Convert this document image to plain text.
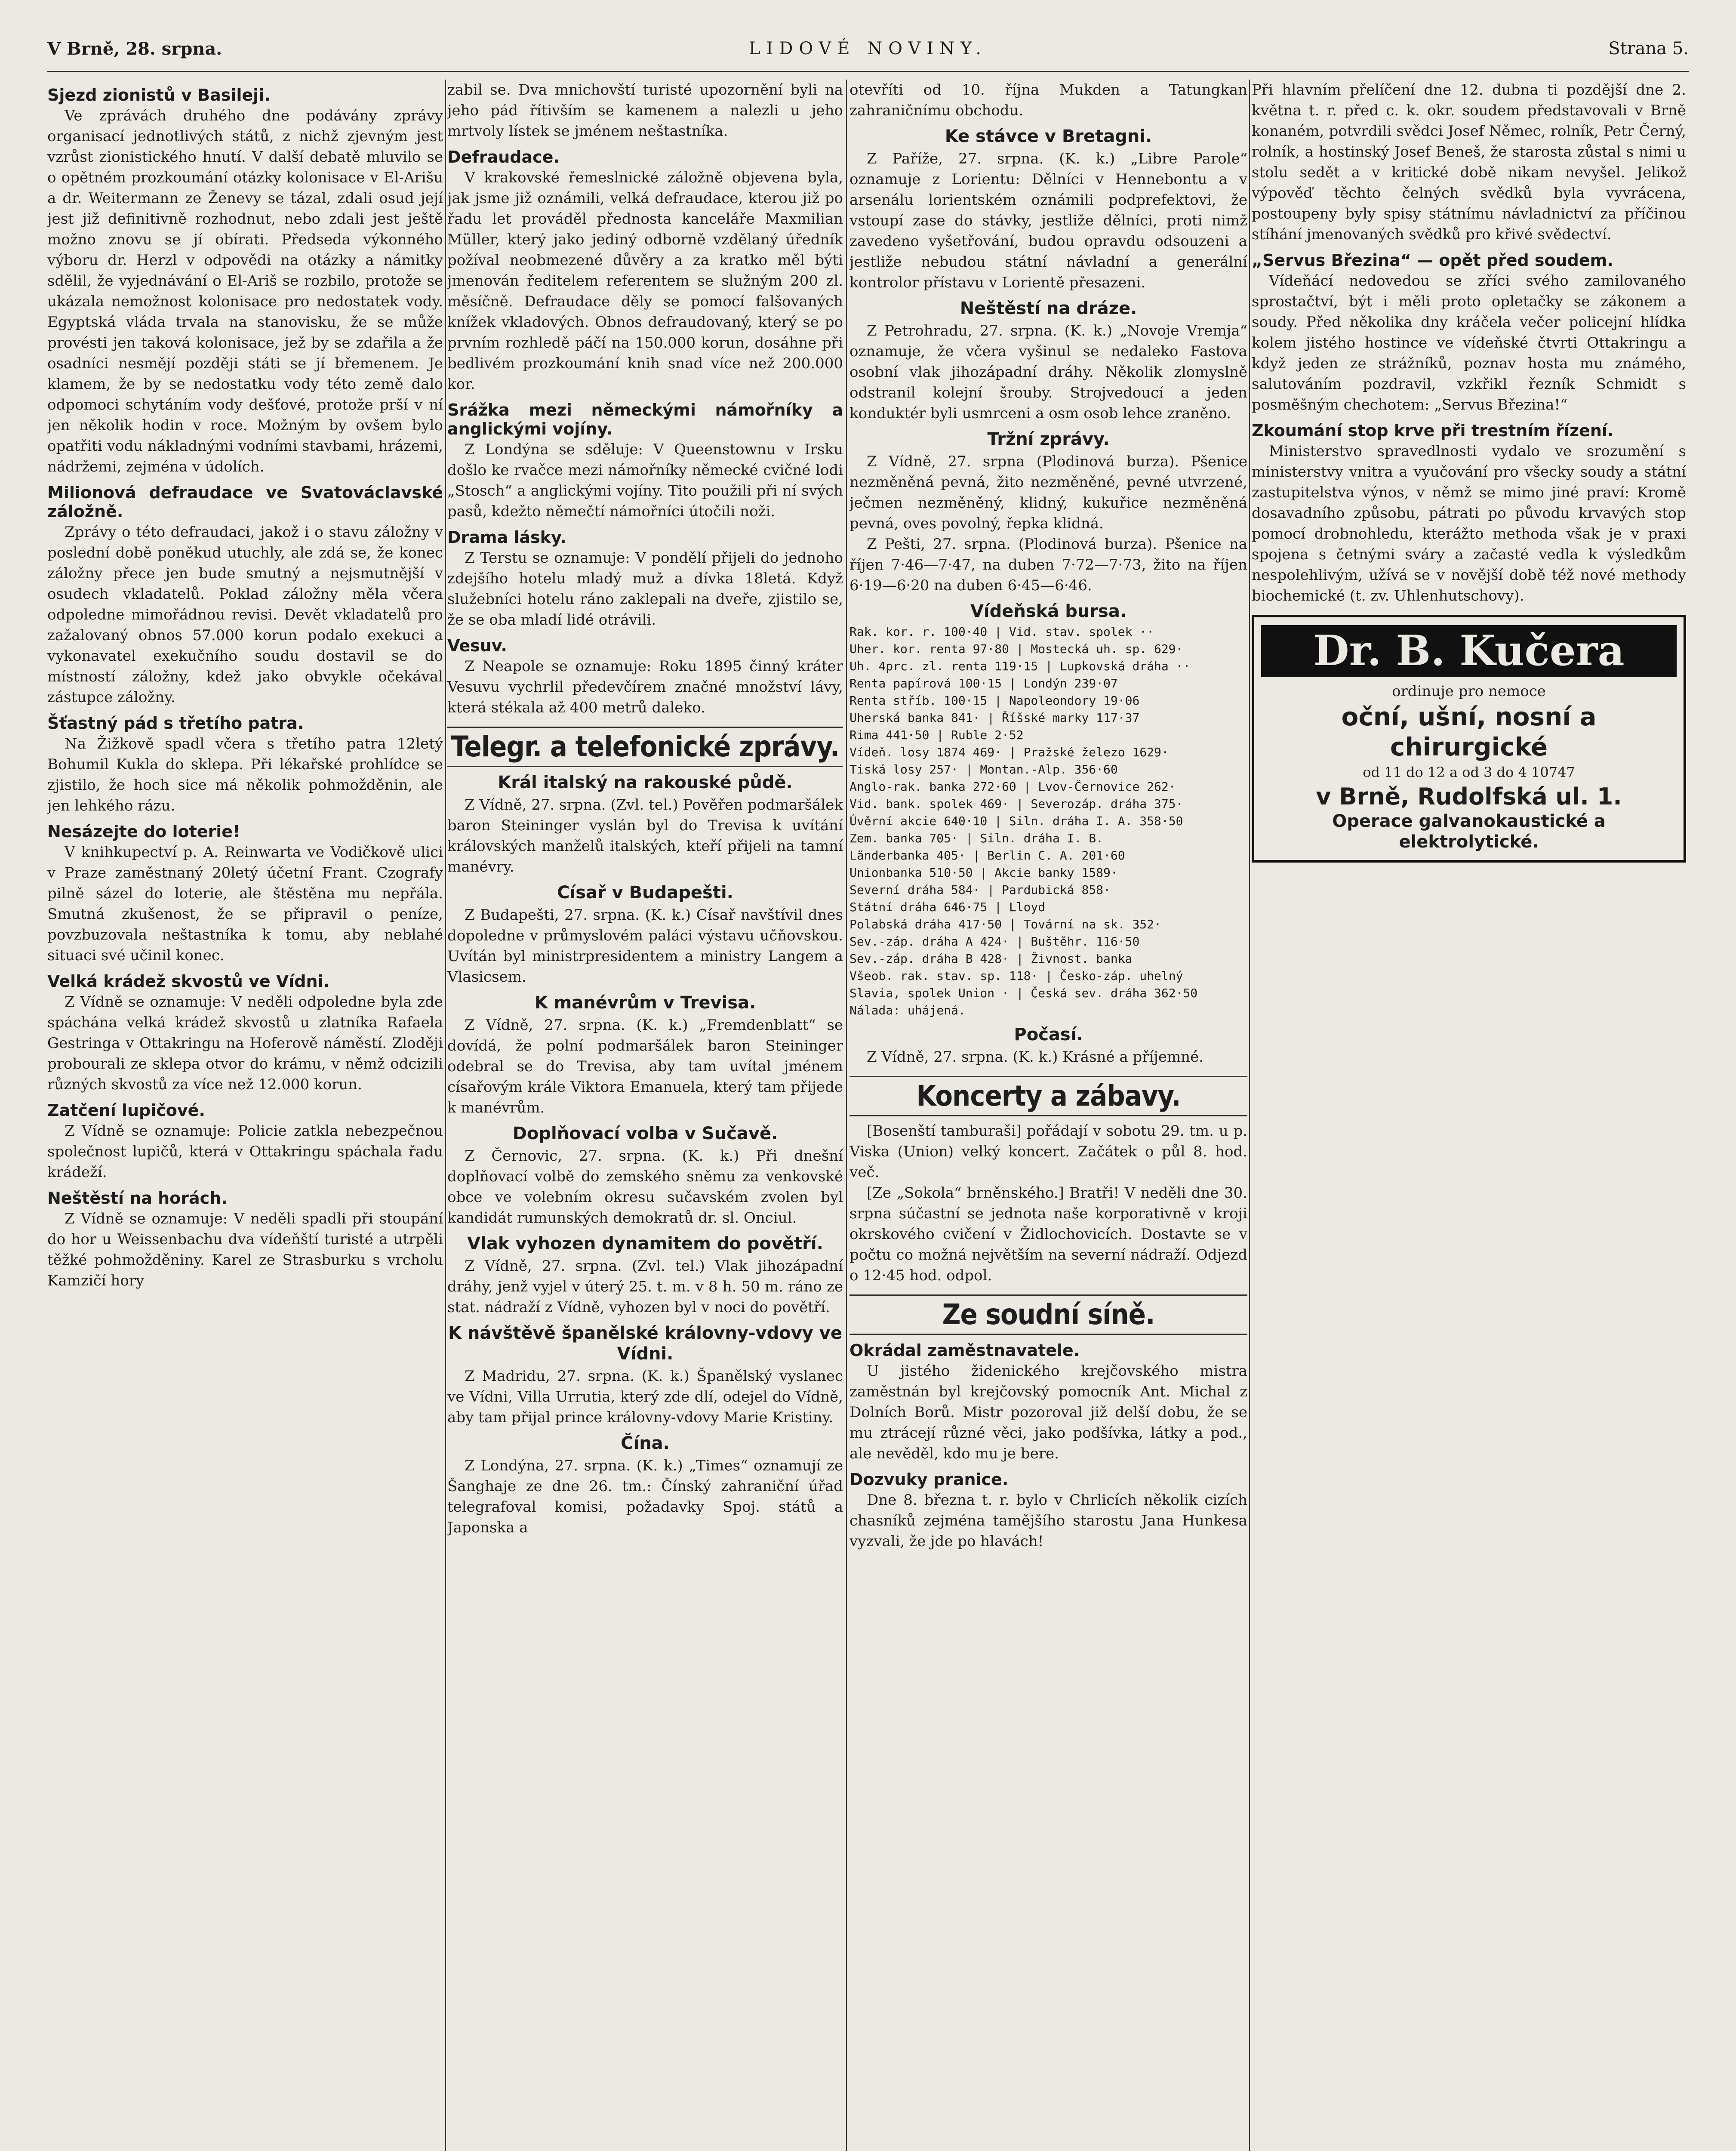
V Brně, 28. srpna.	LIDOVÉ NOVINY.	Strana 5.
Sjezd zionistů v Basileji.

Ve zprávách druhého dne podávány zprávy organisací jednotlivých států, z nichž zjevným jest vzrůst zionistického hnutí. V další debatě mluvilo se o opětném prozkoumání otázky kolonisace v El-Arišu a dr. Weitermann ze Ženevy se tázal, zdali osud její jest již definitivně rozhodnut, nebo zdali jest ještě možno znovu se jí obírati. Předseda výkonného výboru dr. Herzl v odpovědi na otázky a námitky sdělil, že vyjednávání o El-Ariš se rozbilo, protože se ukázala nemožnost kolonisace pro nedostatek vody. Egyptská vláda trvala na stanovisku, že se může provésti jen taková kolonisace, jež by se zdařila a že osadníci nesmějí později státi se jí břemenem. Je klamem, že by se nedostatku vody této země dalo odpomoci schytáním vody dešťové, protože prší v ní jen několik hodin v roce. Možným by ovšem bylo opatřiti vodu nákladnými vodními stavbami, hrázemi, nádržemi, zejména v údolích.

Milionová defraudace ve Svatováclavské záložně.

Zprávy o této defraudaci, jakož i o stavu záložny v poslední době poněkud utuchly, ale zdá se, že konec záložny přece jen bude smutný a nejsmutnější v osudech vkladatelů. Poklad záložny měla včera odpoledne mimořádnou revisi. Devět vkladatelů pro zažalovaný obnos 57.000 korun podalo exekuci a vykonavatel exekučního soudu dostavil se do místností záložny, kdež jako obvykle očekával zástupce záložny.

Šťastný pád s třetího patra.

Na Žižkově spadl včera s třetího patra 12letý Bohumil Kukla do sklepa. Při lékařské prohlídce se zjistilo, že hoch sice má několik pohmožděnin, ale jen lehkého rázu.

Nesázejte do loterie!

V knihkupectví p. A. Reinwarta ve Vodičkově ulici v Praze zaměstnaný 20letý účetní Frant. Czografy pilně sázel do loterie, ale štěstěna mu nepřála. Smutná zkušenost, že se připravil o peníze, povzbuzovala neštastníka k tomu, aby neblahé situaci své učinil konec.

Velká krádež skvostů ve Vídni.

Z Vídně se oznamuje: V neděli odpoledne byla zde spáchána velká krádež skvostů u zlatníka Rafaela Gestringa v Ottakringu na Hoferově náměstí. Zloději probourali ze sklepa otvor do krámu, v němž odcizili různých skvostů za více než 12.000 korun.

Zatčení lupičové.

Z Vídně se oznamuje: Policie zatkla nebezpečnou společnost lupičů, která v Ottakringu spáchala řadu krádeží.

Neštěstí na horách.

Z Vídně se oznamuje: V neděli spadli při stoupání do hor u Weissenbachu dva vídeňští turisté a utrpěli těžké pohmožděniny. Karel ze Strasburku s vrcholu Kamzičí hory

zabil se. Dva mnichovští turisté upozornění byli na jeho pád řítivším se kamenem a nalezli u jeho mrtvoly lístek se jménem neštastníka.

Defraudace.

V krakovské řemeslnické záložně objevena byla, jak jsme již oznámili, velká defraudace, kterou již po řadu let prováděl přednosta kanceláře Maxmilian Müller, který jako jediný odborně vzdělaný úředník požíval neobmezené důvěry a za kratko měl býti jmenován ředitelem referentem se služným 200 zl. měsíčně. Defraudace děly se pomocí falšovaných knížek vkladových. Obnos defraudovaný, který se po prvním rozhledě páčí na 150.000 korun, dosáhne při bedlivém prozkoumání knih snad více než 200.000 kor.

Srážka mezi německými námořníky a anglickými vojíny.

Z Londýna se sděluje: V Queenstownu v Irsku došlo ke rvačce mezi námořníky německé cvičné lodi „Stosch“ a anglickými vojíny. Tito použili při ní svých pasů, kdežto němečtí námořníci útočili noži.

Drama lásky.

Z Terstu se oznamuje: V pondělí přijeli do jednoho zdejšího hotelu mladý muž a dívka 18letá. Když služebníci hotelu ráno zaklepali na dveře, zjistilo se, že se oba mladí lidé otrávili.

Vesuv.

Z Neapole se oznamuje: Roku 1895 činný kráter Vesuvu vychrlil předevčírem značné množství lávy, která stékala až 400 metrů daleko.

Telegr. a telefonické zprávy.
Král italský na rakouské půdě.

Z Vídně, 27. srpna. (Zvl. tel.) Pověřen podmaršálek baron Steininger vyslán byl do Trevisa k uvítání královských manželů italských, kteří přijeli na tamní manévry.

Císař v Budapešti.

Z Budapešti, 27. srpna. (K. k.) Císař navštívil dnes dopoledne v průmyslovém paláci výstavu učňovskou. Uvítán byl ministrpresidentem a ministry Langem a Vlasicsem.

K manévrům v Trevisa.

Z Vídně, 27. srpna. (K. k.) „Fremdenblatt“ se dovídá, že polní podmaršálek baron Steininger odebral se do Trevisa, aby tam uvítal jménem císařovým krále Viktora Emanuela, který tam přijede k manévrům.

Doplňovací volba v Sučavě.

Z Černovic, 27. srpna. (K. k.) Při dnešní doplňovací volbě do zemského sněmu za venkovské obce ve volebním okresu sučavském zvolen byl kandidát rumunských demokratů dr. sl. Onciul.

Vlak vyhozen dynamitem do povětří.

Z Vídně, 27. srpna. (Zvl. tel.) Vlak jihozápadní dráhy, jenž vyjel v úterý 25. t. m. v 8 h. 50 m. ráno ze stat. nádraží z Vídně, vyhozen byl v noci do povětří.

K návštěvě španělské královny-vdovy ve Vídni.

Z Madridu, 27. srpna. (K. k.) Španělský vyslanec ve Vídni, Villa Urrutia, který zde dlí, odejel do Vídně, aby tam přijal prince královny-vdovy Marie Kristiny.

Čína.

Z Londýna, 27. srpna. (K. k.) „Times“ oznamují ze Šanghaje ze dne 26. tm.: Čínský zahraniční úřad telegrafoval komisi, požadavky Spoj. států a Japonska a

otevříti od 10. října Mukden a Tatungkan zahraničnímu obchodu.

Ke stávce v Bretagni.

Z Paříže, 27. srpna. (K. k.) „Libre Parole“ oznamuje z Lorientu: Dělníci v Hennebontu a v arsenálu lorientském oznámili podprefektovi, že vstoupí zase do stávky, jestliže dělníci, proti nimž zavedeno vyšetřování, budou opravdu odsouzeni a jestliže nebudou státní návladní a generální kontrolor přístavu v Lorientě přesazeni.

Neštěstí na dráze.

Z Petrohradu, 27. srpna. (K. k.) „Novoje Vremja“ oznamuje, že včera vyšinul se nedaleko Fastova osobní vlak jihozápadní dráhy. Několik zlomyslně odstranil kolejní šrouby. Strojvedoucí a jeden konduktér byli usmrceni a osm osob lehce zraněno.

Tržní zprávy.

Z Vídně, 27. srpna (Plodinová burza). Pšenice nezměněná pevná, žito nezměněné, pevné utvrzené, ječmen nezměněný, klidný, kukuřice nezměněná pevná, oves povolný, řepka klidná.

Z Pešti, 27. srpna. (Plodinová burza). Pšenice na říjen 7·46—7·47, na duben 7·72—7·73, žito na říjen 6·19—6·20 na duben 6·45—6·46.

Vídeňská bursa.

Rak. kor. r. 100·40 | Vid. stav. spolek ··
Uher. kor. renta 97·80 | Mostecká uh. sp. 629·
Uh. 4prc. zl. renta 119·15 | Lupkovská dráha ··
Renta papírová 100·15 | Londýn 239·07
Renta stříb. 100·15 | Napoleondory 19·06
Uherská banka 841· | Říšské marky 117·37
Rima 441·50 | Ruble 2·52
Vídeň. losy 1874 469· | Pražské železo 1629·
Tiská losy 257· | Montan.-Alp. 356·60
Anglo-rak. banka 272·60 | Lvov-Černovice 262·
Vid. bank. spolek 469· | Severozáp. dráha 375·
Úvěrní akcie 640·10 | Siln. dráha I. A. 358·50
Zem. banka 705· | Siln. dráha I. B.
Länderbanka 405· | Berlin C. A. 201·60
Unionbanka 510·50 | Akcie banky 1589·
Severní dráha 584· | Pardubická 858·
Státní dráha 646·75 | Lloyd
Polabská dráha 417·50 | Tovární na sk. 352·
Sev.-záp. dráha A 424· | Buštěhr. 116·50
Sev.-záp. dráha B 428· | Živnost. banka
Všeob. rak. stav. sp. 118· | Česko-záp. uhelný
Slavia, spolek Union · | Česká sev. dráha 362·50
Nálada: uhájená.

Počasí.

Z Vídně, 27. srpna. (K. k.) Krásné a příjemné.

Koncerty a zábavy.

[Bosenští tamburaši] pořádají v sobotu 29. tm. u p. Viska (Union) velký koncert. Začátek o půl 8. hod. več.

[Ze „Sokola“ brněnského.] Bratři! V neděli dne 30. srpna súčastní se jednota naše korporativně v kroji okrskového cvičení v Židlochovicích. Dostavte se v počtu co možná největším na severní nádraží. Odjezd o 12·45 hod. odpol.

Ze soudní síně.
Okrádal zaměstnavatele.

U jistého židenického krejčovského mistra zaměstnán byl krejčovský pomocník Ant. Michal z Dolních Borů. Mistr pozoroval již delší dobu, že se mu ztrácejí různé věci, jako podšívka, látky a pod., ale nevěděl, kdo mu je bere.

Dozvuky pranice.

Dne 8. března t. r. bylo v Chrlicích několik cizích chasníků zejména tamějšího starostu Jana Hunkesa vyzvali, že jde po hlavách!

Při hlavním přelíčení dne 12. dubna ti pozdější dne 2. května t. r. před c. k. okr. soudem představovali v Brně konaném, potvrdili svědci Josef Němec, rolník, Petr Černý, rolník, a hostinský Josef Beneš, že starosta zůstal s nimi u stolu sedět a v kritické době nikam nevyšel. Jelikož výpověď těchto čelných svědků byla vyvrácena, postoupeny byly spisy státnímu návladnictví za příčinou stíhání jmenovaných svědků pro křivé svědectví.

„Servus Březina“ — opět před soudem.

Vídeňácí nedovedou se zříci svého zamilovaného sprostačtví, být i měli proto opletačky se zákonem a soudy. Před několika dny kráčela večer policejní hlídka kolem jistého hostince ve vídeňské čtvrti Ottakringu a když jeden ze strážníků, poznav hosta mu známého, salutováním pozdravil, vzkřikl řezník Schmidt s posměšným chechotem: „Servus Březina!“

Zkoumání stop krve při trestním řízení.

Ministerstvo spravedlnosti vydalo ve srozumění s ministerstvy vnitra a vyučování pro všecky soudy a státní zastupitelstva výnos, v němž se mimo jiné praví: Kromě dosavadního způsobu, pátrati po původu krvavých stop pomocí drobnohledu, kterážto methoda však je v praxi spojena s četnými sváry a začasté vedla k výsledkům nespolehlivým, užívá se v novější době též nové methody biochemické (t. zv. Uhlenhutschovy).

Dr. B. Kučera
ordinuje pro nemoce
oční, ušní, nosní a chirurgické
od 11 do 12 a od 3 do 4 10747
v Brně, Rudolfská ul. 1.
Operace galvanokaustické a elektrolytické.
